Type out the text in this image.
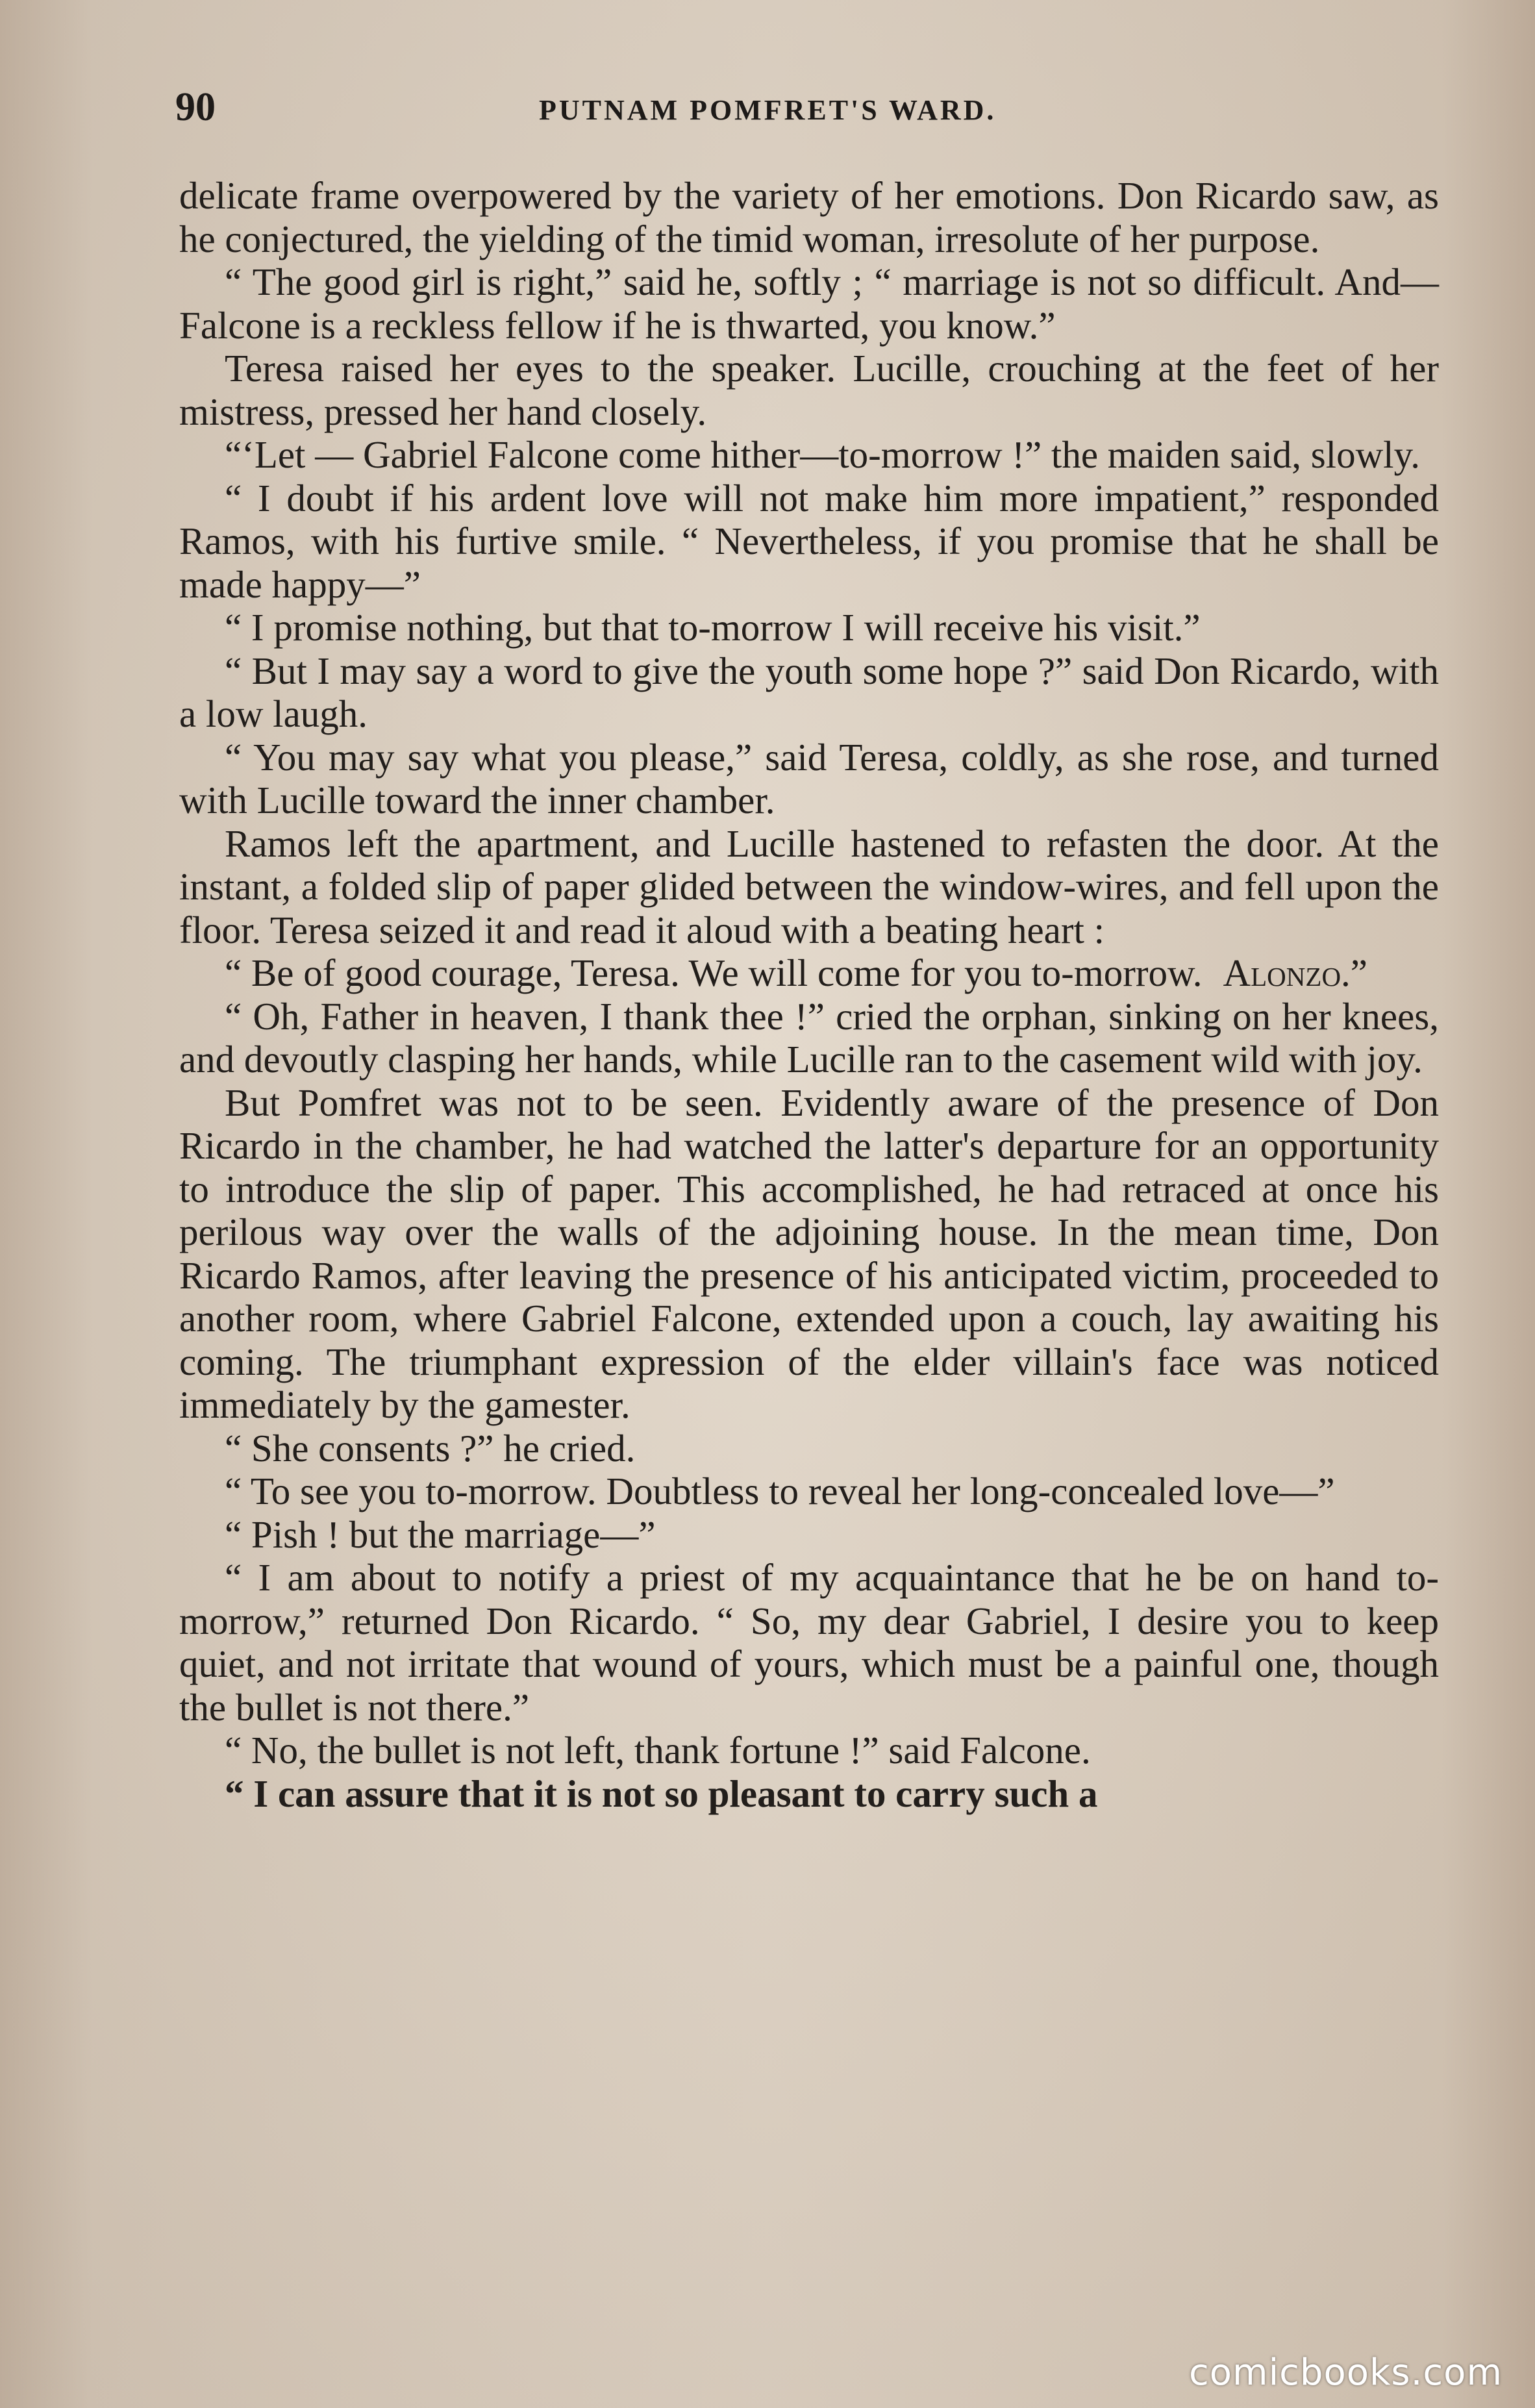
90	PUTNAM POMFRET'S WARD.

delicate frame overpowered by the variety of her emotions. Don Ricardo saw, as he conjectured, the yielding of the timid woman, irresolute of her purpose.

“ The good girl is right,” said he, softly ; “ marriage is not so difficult. And—Falcone is a reckless fellow if he is thwarted, you know.”

Teresa raised her eyes to the speaker. Lucille, crouching at the feet of her mistress, pressed her hand closely.

“‘Let — Gabriel Falcone come hither—to-morrow !” the maiden said, slowly.

“ I doubt if his ardent love will not make him more impatient,” responded Ramos, with his furtive smile. “ Nevertheless, if you promise that he shall be made happy—”

“ I promise nothing, but that to-morrow I will receive his visit.”

“ But I may say a word to give the youth some hope ?” said Don Ricardo, with a low laugh.

“ You may say what you please,” said Teresa, coldly, as she rose, and turned with Lucille toward the inner chamber.

Ramos left the apartment, and Lucille hastened to refasten the door. At the instant, a folded slip of paper glided between the window-wires, and fell upon the floor. Teresa seized it and read it aloud with a beating heart :

“ Be of good courage, Teresa. We will come for you to-morrow. Alonzo.”

“ Oh, Father in heaven, I thank thee !” cried the orphan, sinking on her knees, and devoutly clasping her hands, while Lucille ran to the casement wild with joy.

But Pomfret was not to be seen. Evidently aware of the presence of Don Ricardo in the chamber, he had watched the latter's departure for an opportunity to introduce the slip of paper. This accomplished, he had retraced at once his perilous way over the walls of the adjoining house. In the mean time, Don Ricardo Ramos, after leaving the presence of his anticipated victim, proceeded to another room, where Gabriel Falcone, extended upon a couch, lay awaiting his coming. The triumphant expression of the elder villain's face was noticed immediately by the gamester.

“ She consents ?” he cried.

“ To see you to-morrow. Doubtless to reveal her long-concealed love—”

“ Pish ! but the marriage—”

“ I am about to notify a priest of my acquaintance that he be on hand to-morrow,” returned Don Ricardo. “ So, my dear Gabriel, I desire you to keep quiet, and not irritate that wound of yours, which must be a painful one, though the bullet is not there.”

“ No, the bullet is not left, thank fortune !” said Falcone.

“ I can assure that it is not so pleasant to carry such a

comicbooks.com
